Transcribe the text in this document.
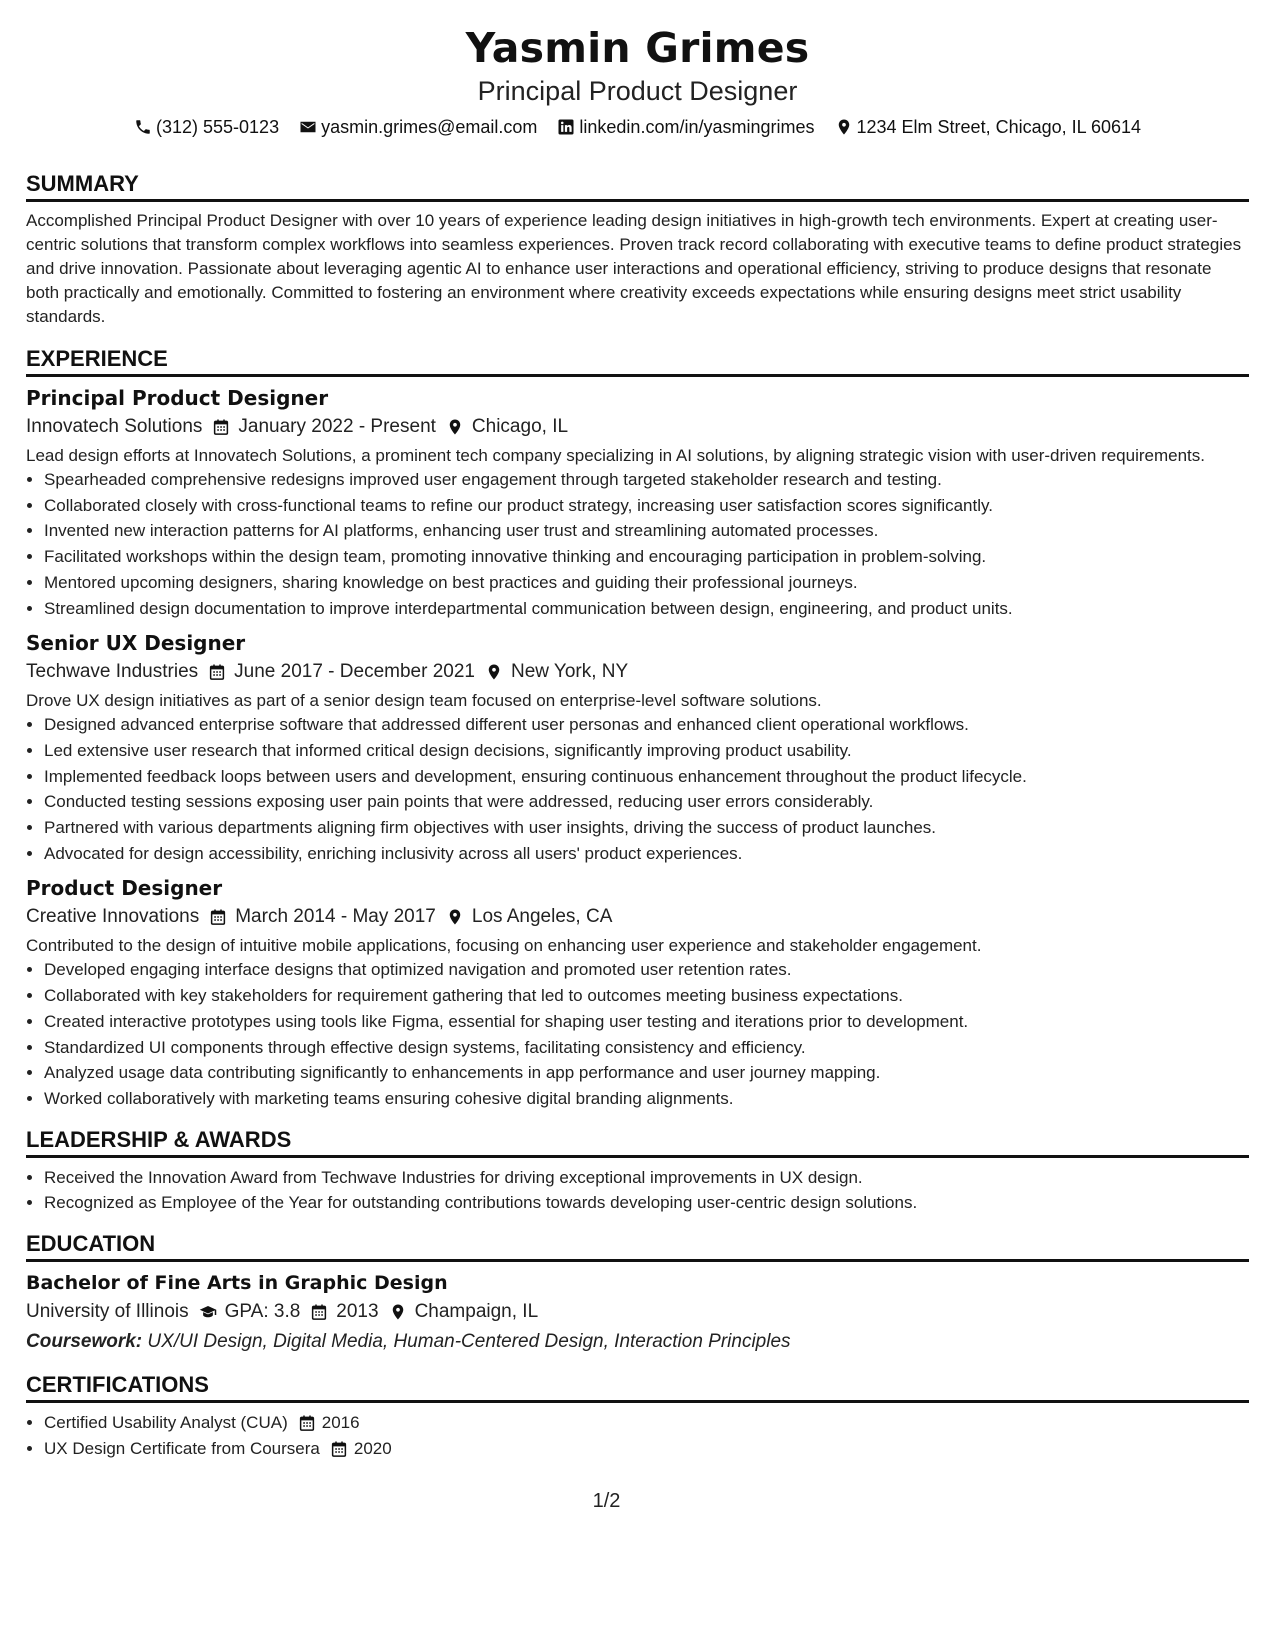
Yasmin Grimes
Principal Product Designer
(312) 555-0123 yasmin.grimes@email.com linkedin.com/in/yasmingrimes 1234 Elm Street, Chicago, IL 60614
SUMMARY
Accomplished Principal Product Designer with over 10 years of experience leading design initiatives in high-growth tech environments. Expert at creating user-centric solutions that transform complex workflows into seamless experiences. Proven track record collaborating with executive teams to define product strategies and drive innovation. Passionate about leveraging agentic AI to enhance user interactions and operational efficiency, striving to produce designs that resonate both practically and emotionally. Committed to fostering an environment where creativity exceeds expectations while ensuring designs meet strict usability standards.
EXPERIENCE
Principal Product Designer
Innovatech Solutions January 2022 - Present Chicago, IL
Lead design efforts at Innovatech Solutions, a prominent tech company specializing in AI solutions, by aligning strategic vision with user-driven requirements.
• Spearheaded comprehensive redesigns improved user engagement through targeted stakeholder research and testing.
• Collaborated closely with cross-functional teams to refine our product strategy, increasing user satisfaction scores significantly.
• Invented new interaction patterns for AI platforms, enhancing user trust and streamlining automated processes.
• Facilitated workshops within the design team, promoting innovative thinking and encouraging participation in problem-solving.
• Mentored upcoming designers, sharing knowledge on best practices and guiding their professional journeys.
• Streamlined design documentation to improve interdepartmental communication between design, engineering, and product units.
Senior UX Designer
Techwave Industries June 2017 - December 2021 New York, NY
Drove UX design initiatives as part of a senior design team focused on enterprise-level software solutions.
• Designed advanced enterprise software that addressed different user personas and enhanced client operational workflows.
• Led extensive user research that informed critical design decisions, significantly improving product usability.
• Implemented feedback loops between users and development, ensuring continuous enhancement throughout the product lifecycle.
• Conducted testing sessions exposing user pain points that were addressed, reducing user errors considerably.
• Partnered with various departments aligning firm objectives with user insights, driving the success of product launches.
• Advocated for design accessibility, enriching inclusivity across all users' product experiences.
Product Designer
Creative Innovations March 2014 - May 2017 Los Angeles, CA
Contributed to the design of intuitive mobile applications, focusing on enhancing user experience and stakeholder engagement.
• Developed engaging interface designs that optimized navigation and promoted user retention rates.
• Collaborated with key stakeholders for requirement gathering that led to outcomes meeting business expectations.
• Created interactive prototypes using tools like Figma, essential for shaping user testing and iterations prior to development.
• Standardized UI components through effective design systems, facilitating consistency and efficiency.
• Analyzed usage data contributing significantly to enhancements in app performance and user journey mapping.
• Worked collaboratively with marketing teams ensuring cohesive digital branding alignments.
LEADERSHIP & AWARDS
• Received the Innovation Award from Techwave Industries for driving exceptional improvements in UX design.
• Recognized as Employee of the Year for outstanding contributions towards developing user-centric design solutions.
EDUCATION
Bachelor of Fine Arts in Graphic Design
University of Illinois GPA: 3.8 2013 Champaign, IL
Coursework: UX/UI Design, Digital Media, Human-Centered Design, Interaction Principles
CERTIFICATIONS
• Certified Usability Analyst (CUA) 2016
• UX Design Certificate from Coursera 2020
1/2
